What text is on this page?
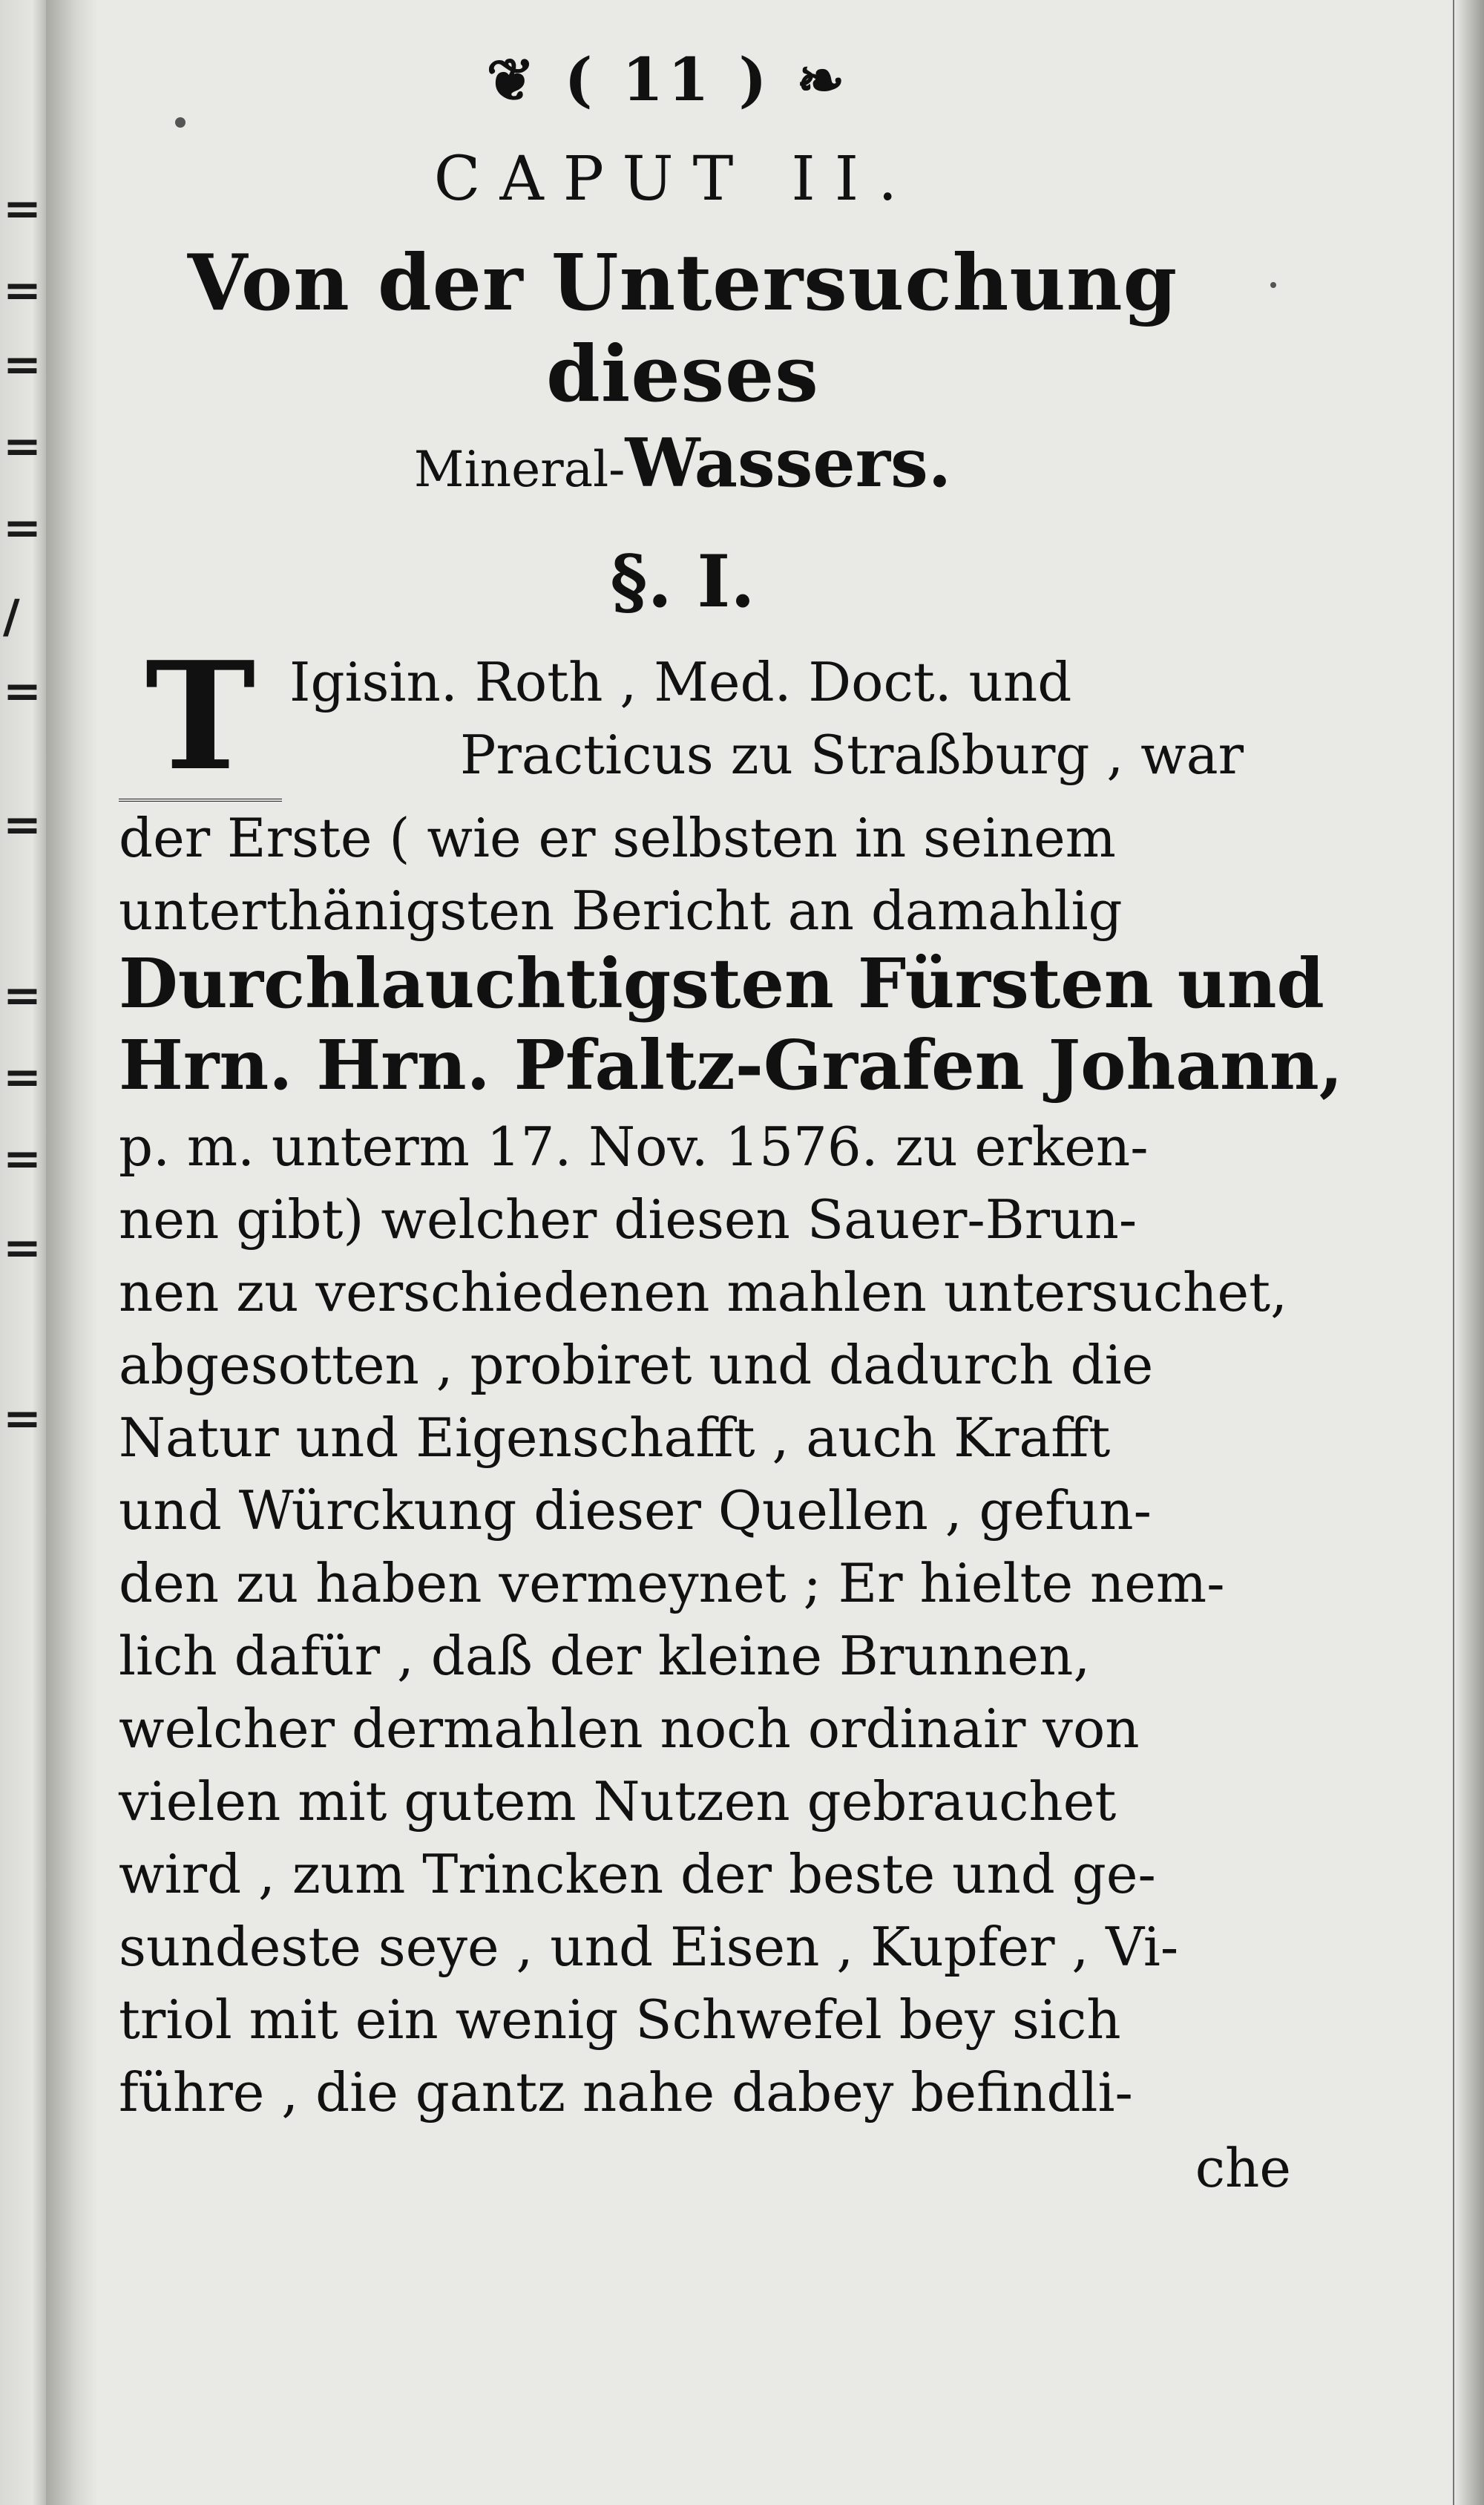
=
=
=
=
=
/
=
=
=
=
=
=
=

❦ ( 11 ) ❧
CAPUT II.
Von der Untersuchung dieses
Mineral-Wassers.
§. I.
T Igisin. Roth , Med. Doct. und
Practicus zu Straßburg , war
der Erste ( wie er selbsten in seinem
unterthänigsten Bericht an damahlig
Durchlauchtigsten Fürsten und
Hrn. Hrn. Pfaltz-Grafen Johann,
p. m. unterm 17. Nov. 1576. zu erken-
nen gibt) welcher diesen Sauer-Brun-
nen zu verschiedenen mahlen untersuchet,
abgesotten , probiret und dadurch die
Natur und Eigenschafft , auch Krafft
und Würckung dieser Quellen , gefun-
den zu haben vermeynet ; Er hielte nem-
lich dafür , daß der kleine Brunnen,
welcher dermahlen noch ordinair von
vielen mit gutem Nutzen gebrauchet
wird , zum Trincken der beste und ge-
sundeste seye , und Eisen , Kupfer , Vi-
triol mit ein wenig Schwefel bey sich
führe , die gantz nahe dabey befindli-
che
